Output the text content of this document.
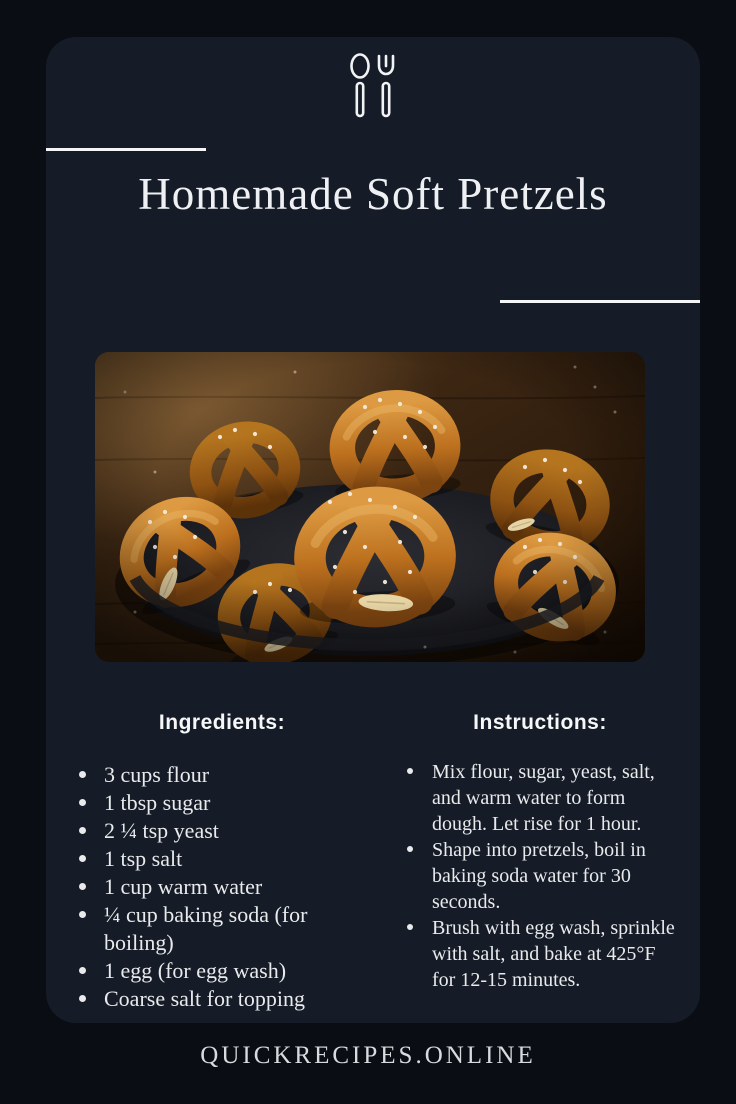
Homemade Soft Pretzels
Ingredients:
3 cups flour
1 tbsp sugar
2 ¼ tsp yeast
1 tsp salt
1 cup warm water
¼ cup baking soda (for boiling)
1 egg (for egg wash)
Coarse salt for topping
Instructions:
Mix flour, sugar, yeast, salt, and warm water to form dough. Let rise for 1 hour.
Shape into pretzels, boil in baking soda water for 30 seconds.
Brush with egg wash, sprinkle with salt, and bake at 425°F for 12-15 minutes.
QUICKRECIPES.ONLINE
